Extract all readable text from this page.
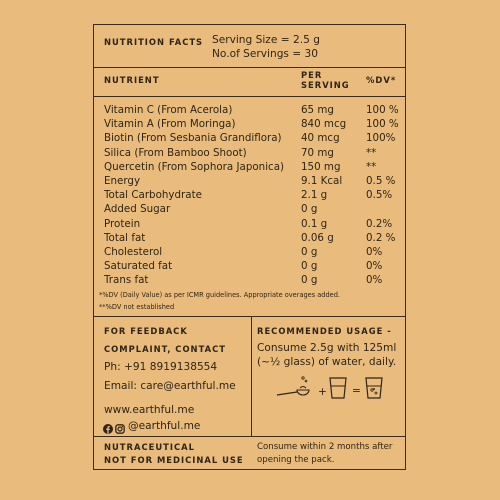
NUTRITION FACTS Serving Size = 2.5 g
No.of Servings = 30
NUTRIENT	PER
SERVING %DV*
Vitamin C (From Acerola)	65 mg	100 %
Vitamin A (From Moringa)	840 mcg 100 %
Biotin (From Sesbania Grandiflora) 40 mcg	100%
Silica (From Bamboo Shoot)	70 mg	**
Quercetin (From Sophora Japonica) 150 mg **
Energy	9.1 Kcal 0.5 %
Total Carbohydrate	2.1 g	0.5%
Added Sugar	0 g
Protein	0.1 g	0.2%
Total fat	0.06 g	0.2 %
Cholesterol	0 g	0%
Saturated fat	0 g	0%
Trans fat	0 g	0%
*%DV (Daily Value) as per ICMR guidelines. Appropriate overages added.
**%DV not established
FOR FEEDBACK
COMPLAINT, CONTACT
Ph: +91 8919138554
Email: care@earthful.me
www.earthful.me
@earthful.me
RECOMMENDED USAGE -
Consume 2.5g with 125ml
(~½ glass) of water, daily.
+ =
NUTRACEUTICAL
NOT FOR MEDICINAL USE
Consume within 2 months after
opening the pack.
